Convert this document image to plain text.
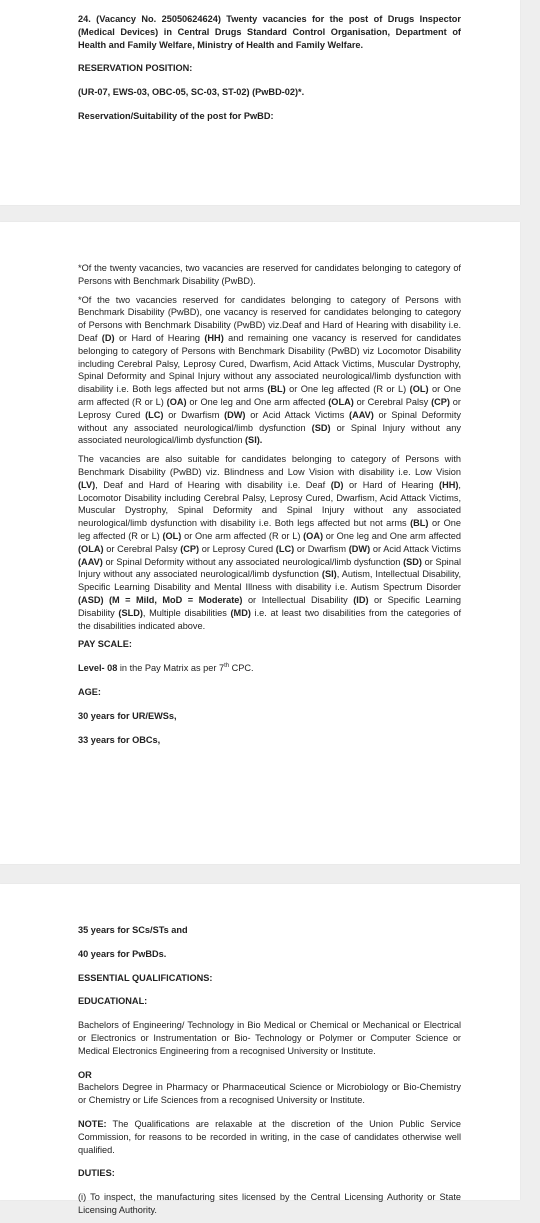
24. (Vacancy No. 25050624624) Twenty vacancies for the post of Drugs Inspector (Medical Devices) in Central Drugs Standard Control Organisation, Department of Health and Family Welfare, Ministry of Health and Family Welfare.

RESERVATION POSITION:

(UR-07, EWS-03, OBC-05, SC-03, ST-02) (PwBD-02)*.

Reservation/Suitability of the post for PwBD:

*Of the twenty vacancies, two vacancies are reserved for candidates belonging to category of Persons with Benchmark Disability (PwBD).

*Of the two vacancies reserved for candidates belonging to category of Persons with Benchmark Disability (PwBD), one vacancy is reserved for candidates belonging to category of Persons with Benchmark Disability (PwBD) viz.Deaf and Hard of Hearing with disability i.e. Deaf (D) or Hard of Hearing (HH) and remaining one vacancy is reserved for candidates belonging to category of Persons with Benchmark Disability (PwBD) viz Locomotor Disability including Cerebral Palsy, Leprosy Cured, Dwarfism, Acid Attack Victims, Muscular Dystrophy, Spinal Deformity and Spinal Injury without any associated neurological/limb dysfunction with disability i.e. Both legs affected but not arms (BL) or One leg affected (R or L) (OL) or One arm affected (R or L) (OA) or One leg and One arm affected (OLA) or Cerebral Palsy (CP) or Leprosy Cured (LC) or Dwarfism (DW) or Acid Attack Victims (AAV) or Spinal Deformity without any associated neurological/limb dysfunction (SD) or Spinal Injury without any associated neurological/limb dysfunction (SI).

The vacancies are also suitable for candidates belonging to category of Persons with Benchmark Disability (PwBD) viz. Blindness and Low Vision with disability i.e. Low Vision (LV), Deaf and Hard of Hearing with disability i.e. Deaf (D) or Hard of Hearing (HH), Locomotor Disability including Cerebral Palsy, Leprosy Cured, Dwarfism, Acid Attack Victims, Muscular Dystrophy, Spinal Deformity and Spinal Injury without any associated neurological/limb dysfunction with disability i.e. Both legs affected but not arms (BL) or One leg affected (R or L) (OL) or One arm affected (R or L) (OA) or One leg and One arm affected (OLA) or Cerebral Palsy (CP) or Leprosy Cured (LC) or Dwarfism (DW) or Acid Attack Victims (AAV) or Spinal Deformity without any associated neurological/limb dysfunction (SD) or Spinal Injury without any associated neurological/limb dysfunction (SI), Autism, Intellectual Disability, Specific Learning Disability and Mental Illness with disability i.e. Autism Spectrum Disorder (ASD) (M = Mild, MoD = Moderate) or Intellectual Disability (ID) or Specific Learning Disability (SLD), Multiple disabilities (MD) i.e. at least two disabilities from the categories of the disabilities indicated above.

PAY SCALE:

Level- 08 in the Pay Matrix as per 7th CPC.

AGE:

30 years for UR/EWSs,

33 years for OBCs,

35 years for SCs/STs and

40 years for PwBDs.

ESSENTIAL QUALIFICATIONS:

EDUCATIONAL:

Bachelors of Engineering/ Technology in Bio Medical or Chemical or Mechanical or Electrical or Electronics or Instrumentation or Bio- Technology or Polymer or Computer Science or Medical Electronics Engineering from a recognised University or Institute.

OR

Bachelors Degree in Pharmacy or Pharmaceutical Science or Microbiology or Bio-Chemistry or Chemistry or Life Sciences from a recognised University or Institute.

NOTE: The Qualifications are relaxable at the discretion of the Union Public Service Commission, for reasons to be recorded in writing, in the case of candidates otherwise well qualified.

DUTIES:

(i) To inspect, the manufacturing sites licensed by the Central Licensing Authority or State Licensing Authority.
